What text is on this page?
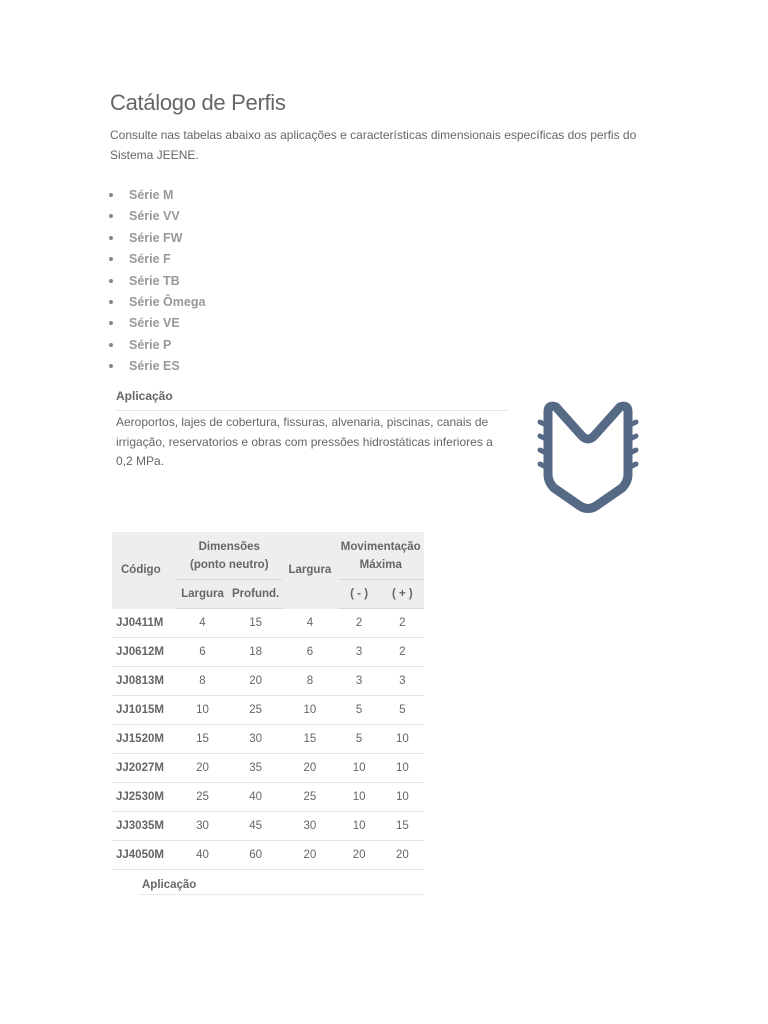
Catálogo de Perfis

Consulte nas tabelas abaixo as aplicações e características dimensionais específicas dos perfis do Sistema JEENE.

Série M
Série VV
Série FW
Série F
Série TB
Série Ômega
Série VE
Série P
Série ES
Aplicação

Aeroportos, lajes de cobertura, fissuras, alvenaria, piscinas, canais de irrigação, reservatorios e obras com pressões hidrostáticas inferiores a 0,2 MPa.

Código	Dimensões (ponto neutro)		Largura	Movimentação Máxima	
	Largura	Profund.		( - )	( + )
JJ0411M	4	15	4	2	2
JJ0612M	6	18	6	3	2
JJ0813M	8	20	8	3	3
JJ1015M	10	25	10	5	5
JJ1520M	15	30	15	5	10
JJ2027M	20	35	20	10	10
JJ2530M	25	40	25	10	10
JJ3035M	30	45	30	10	15
JJ4050M	40	60	20	20	20
Aplicação					
